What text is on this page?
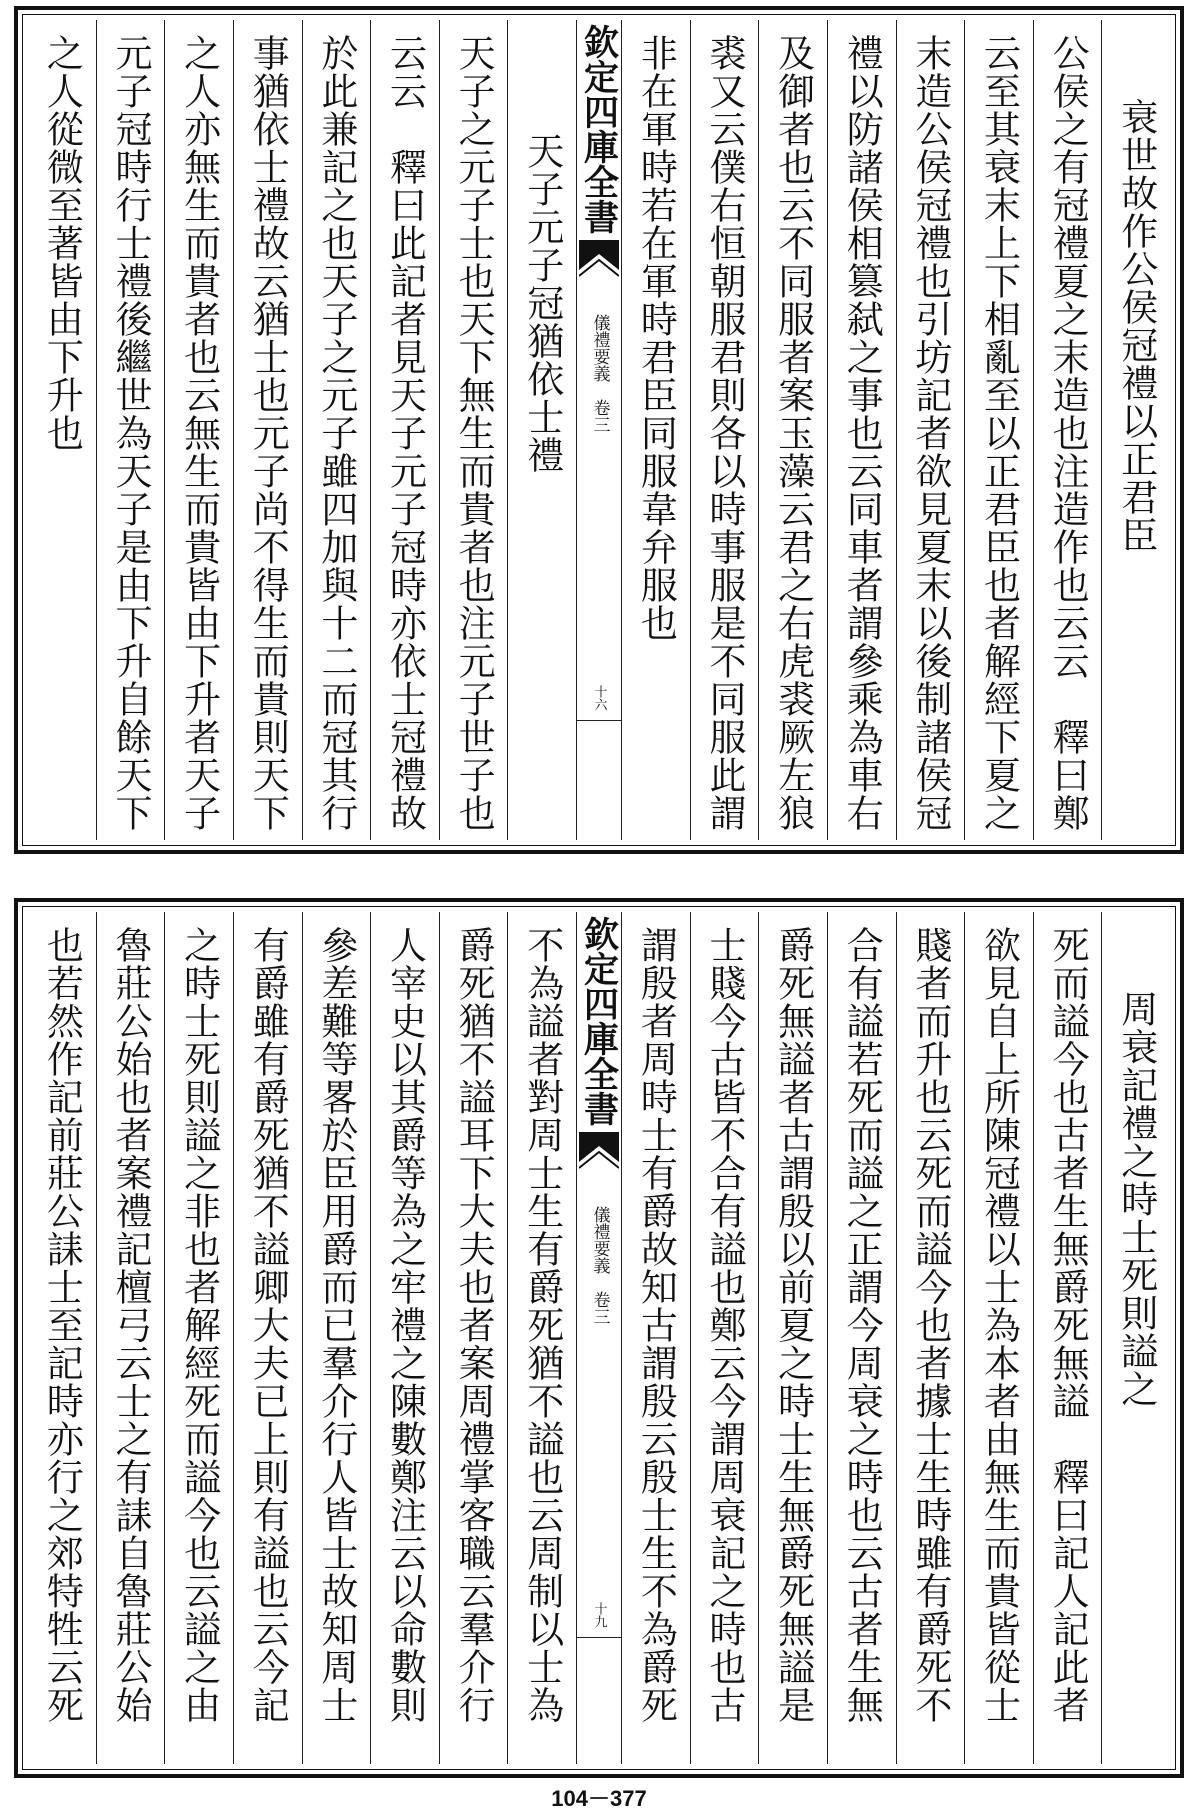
衰世故作公侯冠禮以正君臣
公侯之有冠禮夏之末造也注造作也云云　釋曰鄭
云至其衰末上下相亂至以正君臣也者解經下夏之
末造公侯冠禮也引坊記者欲見夏末以後制諸侯冠
禮以防諸侯相篡弑之事也云同車者謂參乘為車右
及御者也云不同服者案玉藻云君之右虎裘厥左狼
裘又云僕右恒朝服君則各以時事服是不同服此謂
非在軍時若在軍時君臣同服韋弁服也
欽定四庫全書
儀禮要義　卷三
十六
天子元子冠猶依士禮
天子之元子士也天下無生而貴者也注元子世子也
云云　釋曰此記者見天子元子冠時亦依士冠禮故
於此兼記之也天子之元子雖四加與十二而冠其行
事猶依士禮故云猶士也元子尚不得生而貴則天下
之人亦無生而貴者也云無生而貴皆由下升者天子
元子冠時行士禮後繼世為天子是由下升自餘天下
之人從微至著皆由下升也
周衰記禮之時士死則謚之
死而謚今也古者生無爵死無謚　釋曰記人記此者
欲見自上所陳冠禮以士為本者由無生而貴皆從士
賤者而升也云死而謚今也者據士生時雖有爵死不
合有謚若死而謚之正謂今周衰之時也云古者生無
爵死無謚者古謂殷以前夏之時士生無爵死無謚是
士賤今古皆不合有謚也鄭云今謂周衰記之時也古
謂殷者周時士有爵故知古謂殷云殷士生不為爵死
欽定四庫全書
儀禮要義　卷三
十九
不為謚者對周士生有爵死猶不謚也云周制以士為
爵死猶不謚耳下大夫也者案周禮掌客職云羣介行
人宰史以其爵等為之牢禮之陳數鄭注云以命數則
參差難等畧於臣用爵而已羣介行人皆士故知周士
有爵雖有爵死猶不謚卿大夫已上則有謚也云今記
之時士死則謚之非也者解經死而謚今也云謚之由
魯莊公始也者案禮記檀弓云士之有誄自魯莊公始
也若然作記前莊公誄士至記時亦行之郊特牲云死
104－377
